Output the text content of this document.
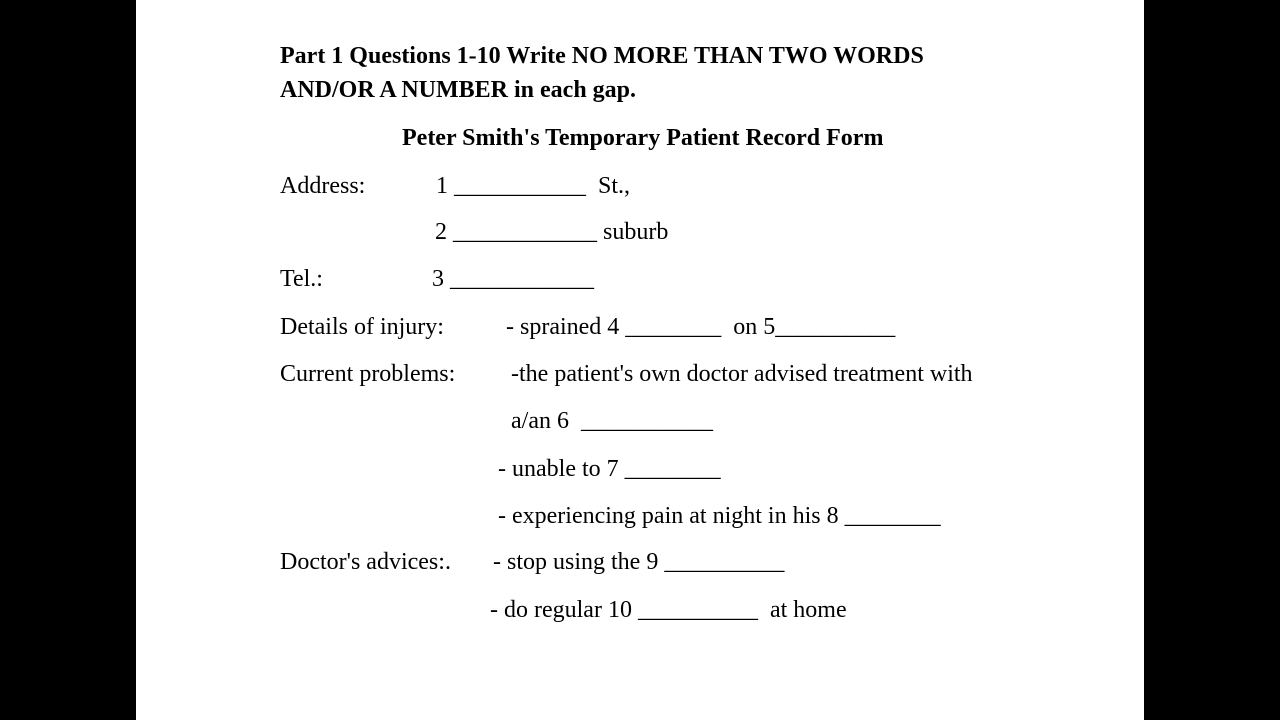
Part 1 Questions 1-10 Write NO MORE THAN TWO WORDS
AND/OR A NUMBER in each gap.
Peter Smith's Temporary Patient Record Form
Address:	1 ___________  St.,
2 ____________ suburb
Tel.:	3 ____________
Details of injury:	- sprained 4 ________  on 5__________
Current problems: -the patient's own doctor advised treatment with
a/an 6  ___________
- unable to 7 ________
- experiencing pain at night in his 8 ________
Doctor's advices:. - stop using the 9 __________
- do regular 10 __________  at home
